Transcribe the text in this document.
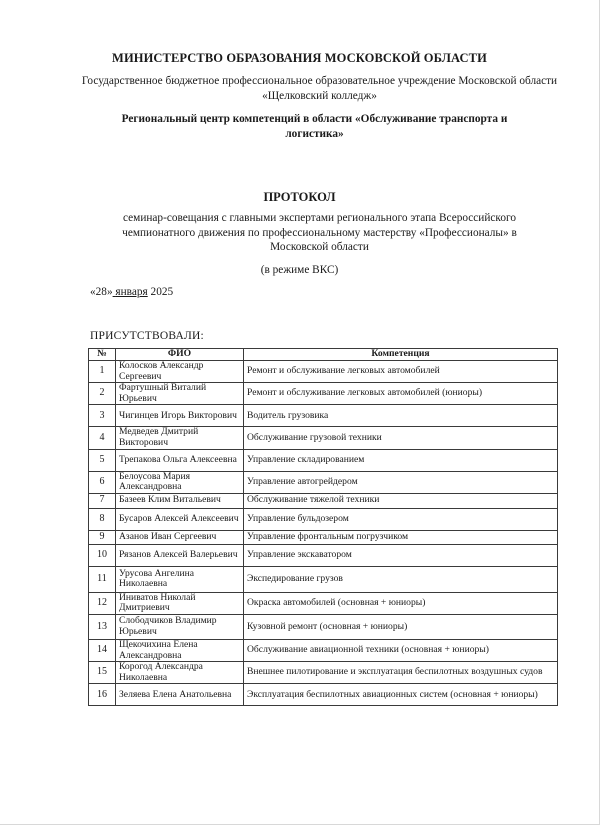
МИНИСТЕРСТВО ОБРАЗОВАНИЯ МОСКОВСКОЙ ОБЛАСТИ
Государственное бюджетное профессиональное образовательное учреждение Московской области «Щелковский колледж»
Региональный центр компетенций в области «Обслуживание транспорта и логистика»
ПРОТОКОЛ
семинар-совещания с главными экспертами регионального этапа Всероссийского чемпионатного движения по профессиональному мастерству «Профессионалы» в Московской области
(в режиме ВКС)
«28» января 2025
ПРИСУТСТВОВАЛИ:
№	ФИО	Компетенция
1	Колосков Александр Сергеевич	Ремонт и обслуживание легковых автомобилей
2	Фартушный Виталий Юрьевич	Ремонт и обслуживание легковых автомобилей (юниоры)
3	Чигинцев Игорь Викторович	Водитель грузовика
4	Медведев Дмитрий Викторович	Обслуживание грузовой техники
5	Трепакова Ольга Алексеевна	Управление складированием
6	Белоусова Мария Александровна	Управление автогрейдером
7	Базеев Клим Витальевич	Обслуживание тяжелой техники
8	Бусаров Алексей Алексеевич	Управление бульдозером
9	Азанов Иван Сергеевич	Управление фронтальным погрузчиком
10	Рязанов Алексей Валерьевич	Управление экскаватором
11	Урусова Ангелина Николаевна	Экспедирование грузов
12	Иниватов Николай Дмитриевич	Окраска автомобилей (основная + юниоры)
13	Слободчиков Владимир Юрьевич	Кузовной ремонт (основная + юниоры)
14	Щекочихина Елена Александровна	Обслуживание авиационной техники (основная + юниоры)
15	Корогод Александра Николаевна	Внешнее пилотирование и эксплуатация беспилотных воздушных судов
16	Зеляева Елена Анатольевна	Эксплуатация беспилотных авиационных систем (основная + юниоры)
